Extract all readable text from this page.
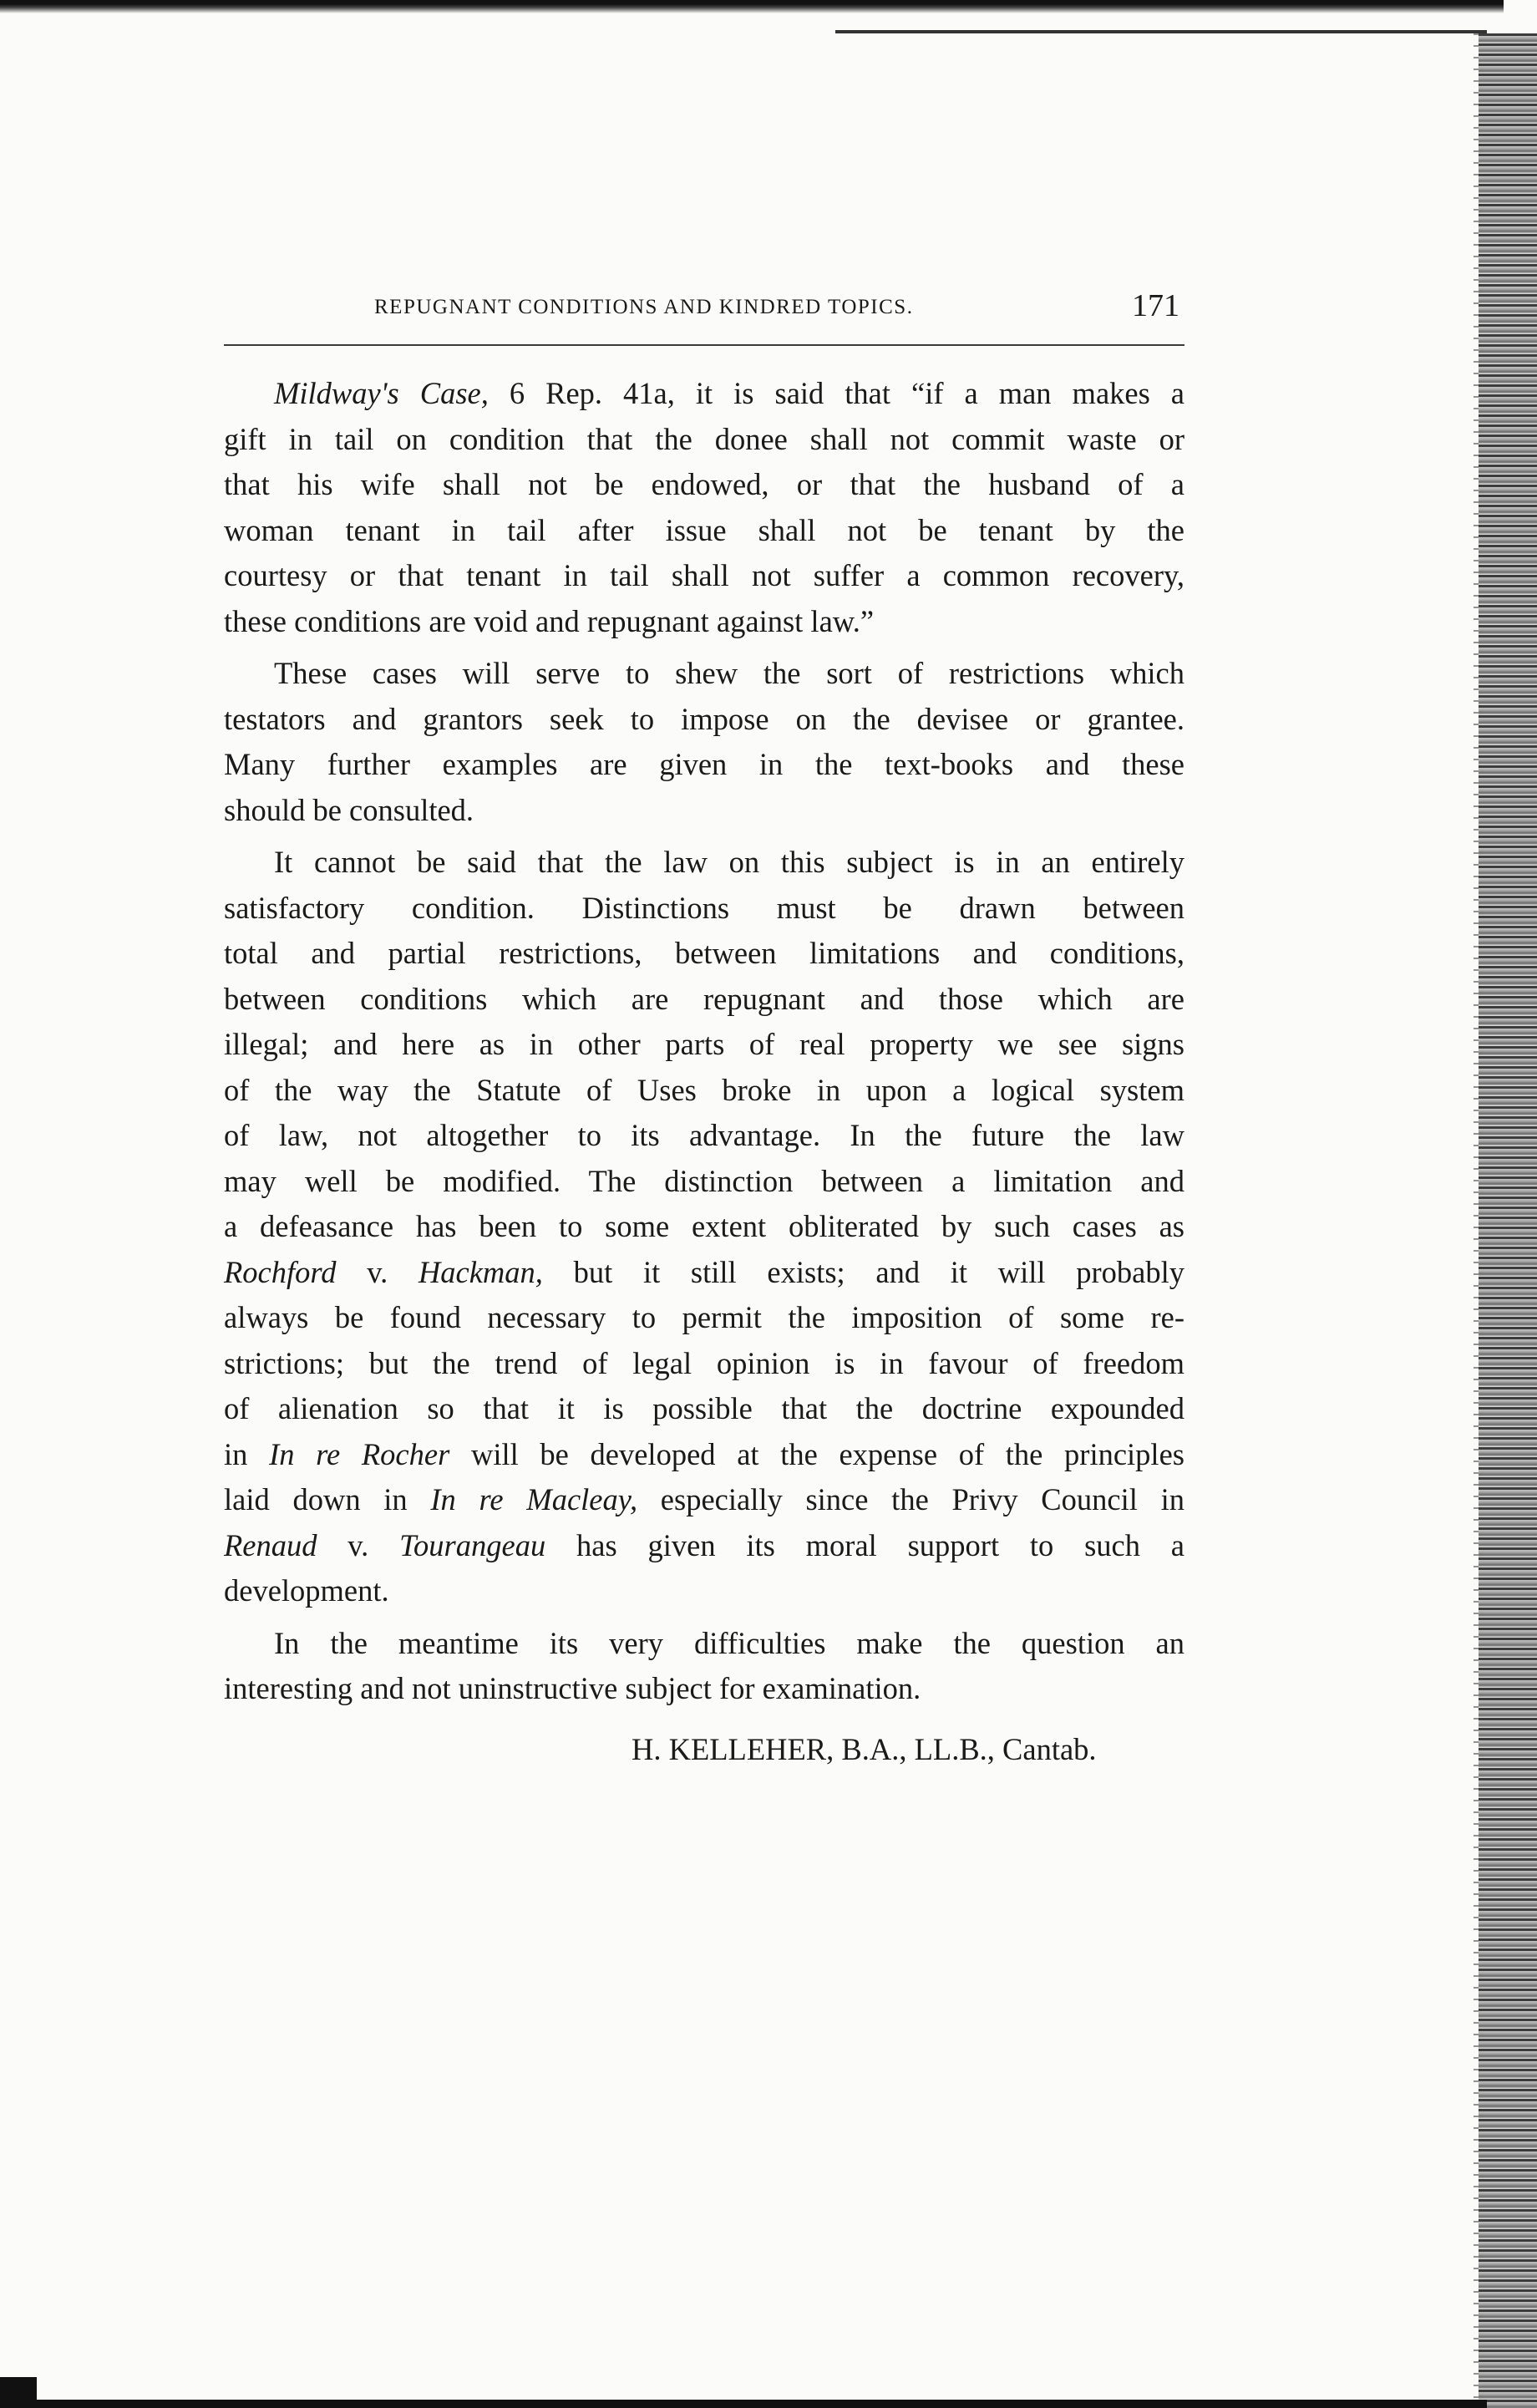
REPUGNANT CONDITIONS AND KINDRED TOPICS.	171
Mildway's Case, 6 Rep. 41a, it is said that “if a man makes a
gift in tail on condition that the donee shall not commit waste or
that his wife shall not be endowed, or that the husband of a
woman tenant in tail after issue shall not be tenant by the
courtesy or that tenant in tail shall not suffer a common recovery,
these conditions are void and repugnant against law.”
These cases will serve to shew the sort of restrictions which
testators and grantors seek to impose on the devisee or grantee.
Many further examples are given in the text-books and these
should be consulted.
It cannot be said that the law on this subject is in an entirely
satisfactory condition. Distinctions must be drawn between
total and partial restrictions, between limitations and conditions,
between conditions which are repugnant and those which are
illegal; and here as in other parts of real property we see signs
of the way the Statute of Uses broke in upon a logical system
of law, not altogether to its advantage. In the future the law
may well be modified. The distinction between a limitation and
a defeasance has been to some extent obliterated by such cases as
Rochford v. Hackman, but it still exists; and it will probably
always be found necessary to permit the imposition of some re-
strictions; but the trend of legal opinion is in favour of freedom
of alienation so that it is possible that the doctrine expounded
in In re Rocher will be developed at the expense of the principles
laid down in In re Macleay, especially since the Privy Council in
Renaud v. Tourangeau has given its moral support to such a
development.
In the meantime its very difficulties make the question an
interesting and not uninstructive subject for examination.
H. KELLEHER, B.A., LL.B., Cantab.
